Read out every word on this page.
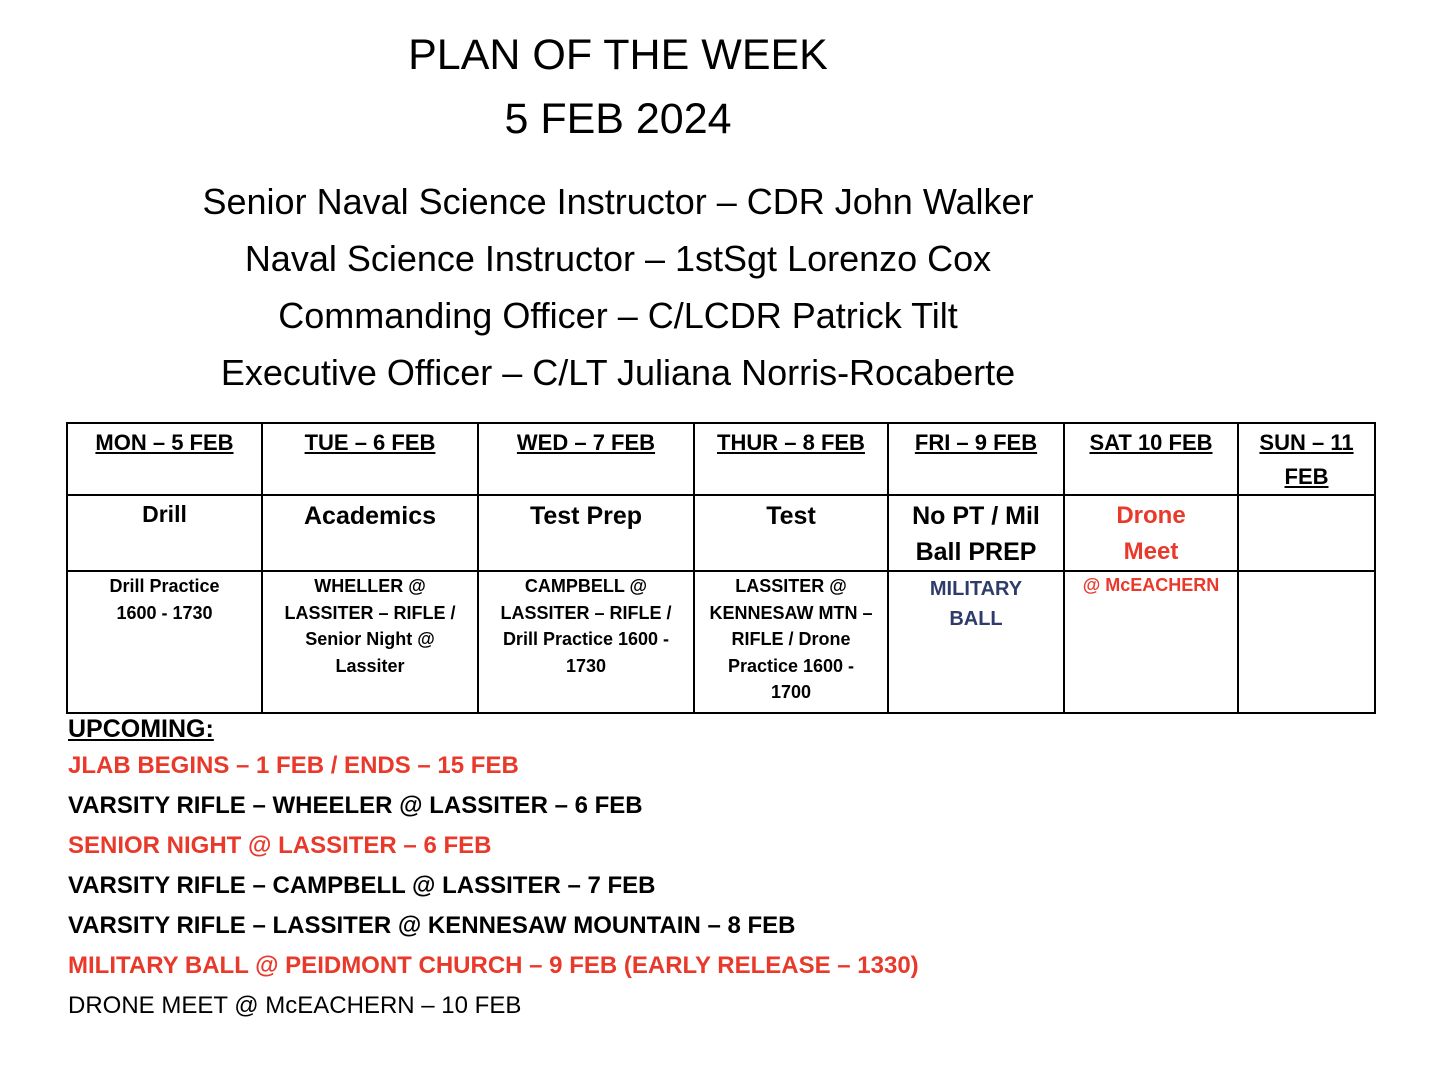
PLAN OF THE WEEK
5 FEB 2024

Senior Naval Science Instructor – CDR John Walker

Naval Science Instructor – 1stSgt Lorenzo Cox

Commanding Officer – C/LCDR Patrick Tilt

Executive Officer – C/LT Juliana Norris-Rocaberte

MON – 5 FEB	TUE – 6 FEB	WED – 7 FEB	THUR – 8 FEB	FRI – 9 FEB	SAT 10 FEB	SUN – 11 FEB
Drill	Academics	Test Prep	Test	No PT / Mil Ball PREP	Drone Meet	
Drill Practice 1600 - 1730	WHELLER @ LASSITER – RIFLE / Senior Night @ Lassiter	CAMPBELL @ LASSITER – RIFLE / Drill Practice 1600 - 1730	LASSITER @ KENNESAW MTN – RIFLE / Drone Practice 1600 - 1700	MILITARY BALL	@ McEACHERN	

UPCOMING:

JLAB BEGINS – 1 FEB / ENDS – 15 FEB

VARSITY RIFLE – WHEELER @ LASSITER – 6 FEB

SENIOR NIGHT @ LASSITER – 6 FEB

VARSITY RIFLE – CAMPBELL @ LASSITER – 7 FEB

VARSITY RIFLE – LASSITER @ KENNESAW MOUNTAIN – 8 FEB

MILITARY BALL @ PEIDMONT CHURCH – 9 FEB (EARLY RELEASE – 1330)

DRONE MEET @ McEACHERN – 10 FEB
